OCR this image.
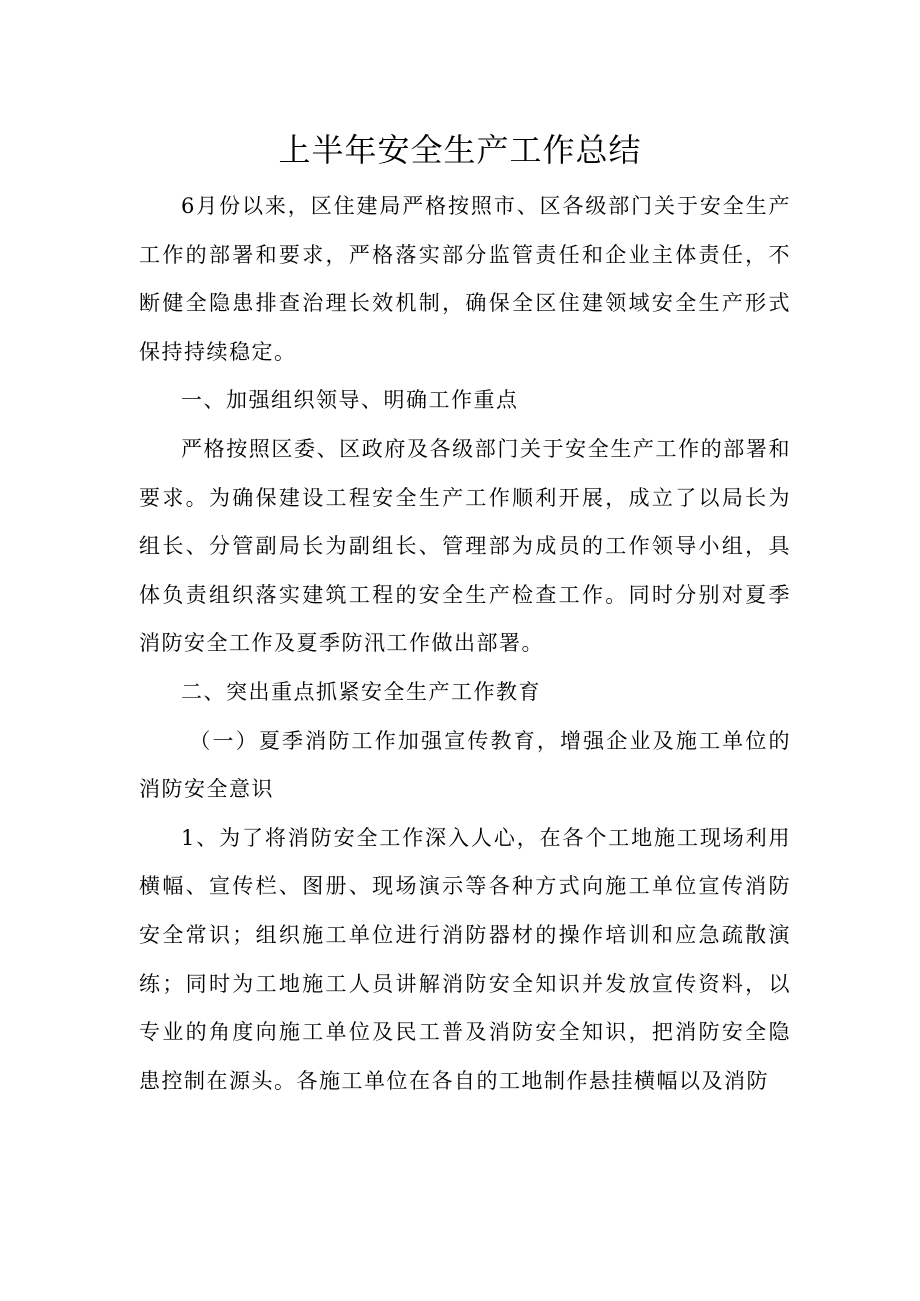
上半年安全生产工作总结

6月份以来，区住建局严格按照市、区各级部门关于安全生产工作的部署和要求，严格落实部分监管责任和企业主体责任，不断健全隐患排查治理长效机制，确保全区住建领域安全生产形式保持持续稳定。

一、加强组织领导、明确工作重点

严格按照区委、区政府及各级部门关于安全生产工作的部署和要求。为确保建设工程安全生产工作顺利开展，成立了以局长为组长、分管副局长为副组长、管理部为成员的工作领导小组，具体负责组织落实建筑工程的安全生产检查工作。同时分别对夏季消防安全工作及夏季防汛工作做出部署。

二、突出重点抓紧安全生产工作教育

（一）夏季消防工作加强宣传教育，增强企业及施工单位的消防安全意识

1、为了将消防安全工作深入人心，在各个工地施工现场利用横幅、宣传栏、图册、现场演示等各种方式向施工单位宣传消防安全常识；组织施工单位进行消防器材的操作培训和应急疏散演练；同时为工地施工人员讲解消防安全知识并发放宣传资料，以专业的角度向施工单位及民工普及消防安全知识，把消防安全隐患控制在源头。各施工单位在各自的工地制作悬挂横幅以及消防
